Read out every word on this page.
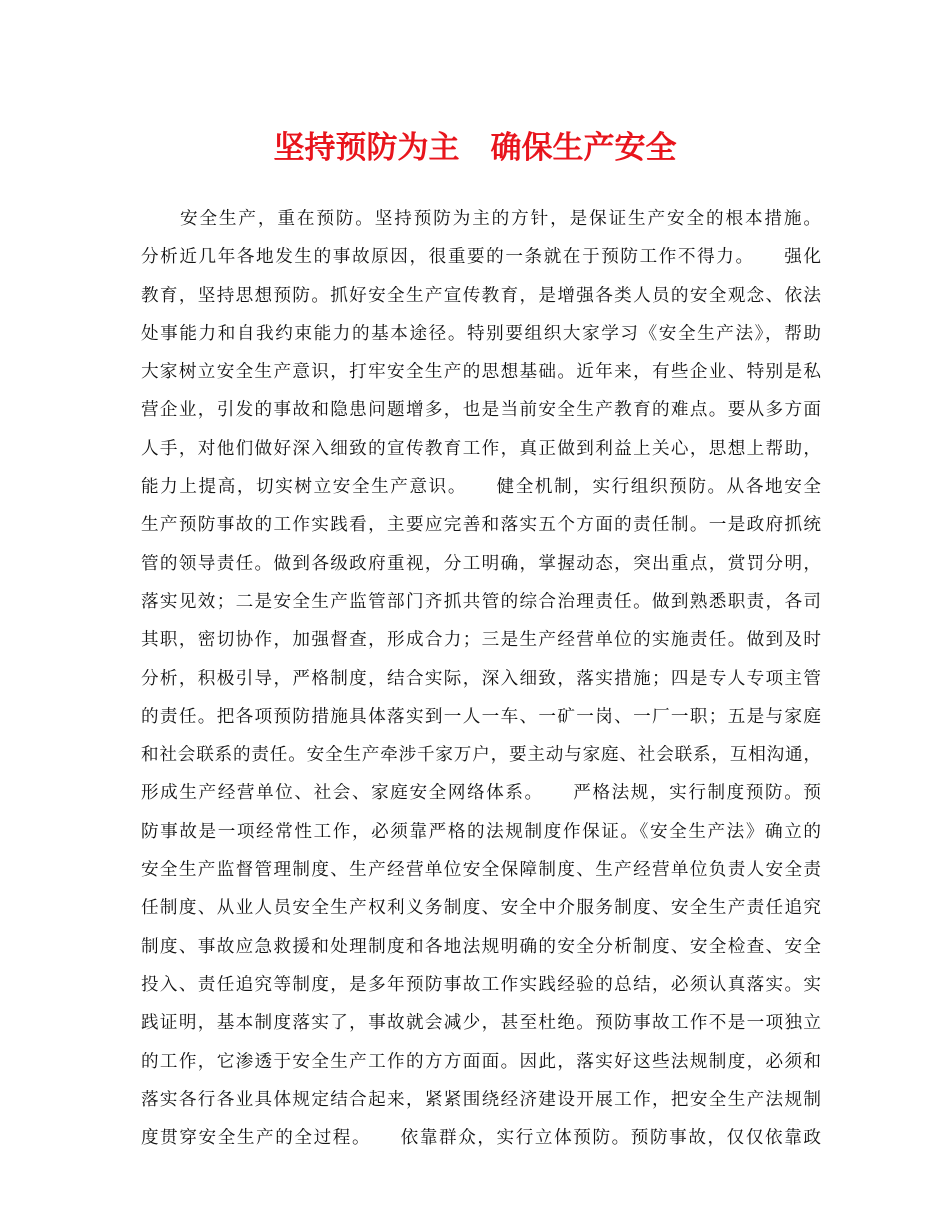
坚持预防为主　确保生产安全

　　安全生产，重在预防。坚持预防为主的方针，是保证生产安全的根本措施。

分析近几年各地发生的事故原因，很重要的一条就在于预防工作不得力。　　强化

教育，坚持思想预防。抓好安全生产宣传教育，是增强各类人员的安全观念、依法

处事能力和自我约束能力的基本途径。特别要组织大家学习《安全生产法》，帮助

大家树立安全生产意识，打牢安全生产的思想基础。近年来，有些企业、特别是私

营企业，引发的事故和隐患问题增多，也是当前安全生产教育的难点。要从多方面

人手，对他们做好深入细致的宣传教育工作，真正做到利益上关心，思想上帮助，

能力上提高，切实树立安全生产意识。　　健全机制，实行组织预防。从各地安全

生产预防事故的工作实践看，主要应完善和落实五个方面的责任制。一是政府抓统

管的领导责任。做到各级政府重视，分工明确，掌握动态，突出重点，赏罚分明，

落实见效；二是安全生产监管部门齐抓共管的综合治理责任。做到熟悉职责，各司

其职，密切协作，加强督查，形成合力；三是生产经营单位的实施责任。做到及时

分析，积极引导，严格制度，结合实际，深入细致，落实措施；四是专人专项主管

的责任。把各项预防措施具体落实到一人一车、一矿一岗、一厂一职；五是与家庭

和社会联系的责任。安全生产牵涉千家万户，要主动与家庭、社会联系，互相沟通，

形成生产经营单位、社会、家庭安全网络体系。　　严格法规，实行制度预防。预

防事故是一项经常性工作，必须靠严格的法规制度作保证。《安全生产法》确立的

安全生产监督管理制度、生产经营单位安全保障制度、生产经营单位负责人安全责

任制度、从业人员安全生产权利义务制度、安全中介服务制度、安全生产责任追究

制度、事故应急救援和处理制度和各地法规明确的安全分析制度、安全检查、安全

投入、责任追究等制度，是多年预防事故工作实践经验的总结，必须认真落实。实

践证明，基本制度落实了，事故就会减少，甚至杜绝。预防事故工作不是一项独立

的工作，它渗透于安全生产工作的方方面面。因此，落实好这些法规制度，必须和

落实各行各业具体规定结合起来，紧紧围绕经济建设开展工作，把安全生产法规制

度贯穿安全生产的全过程。　　依靠群众，实行立体预防。预防事故，仅仅依靠政
